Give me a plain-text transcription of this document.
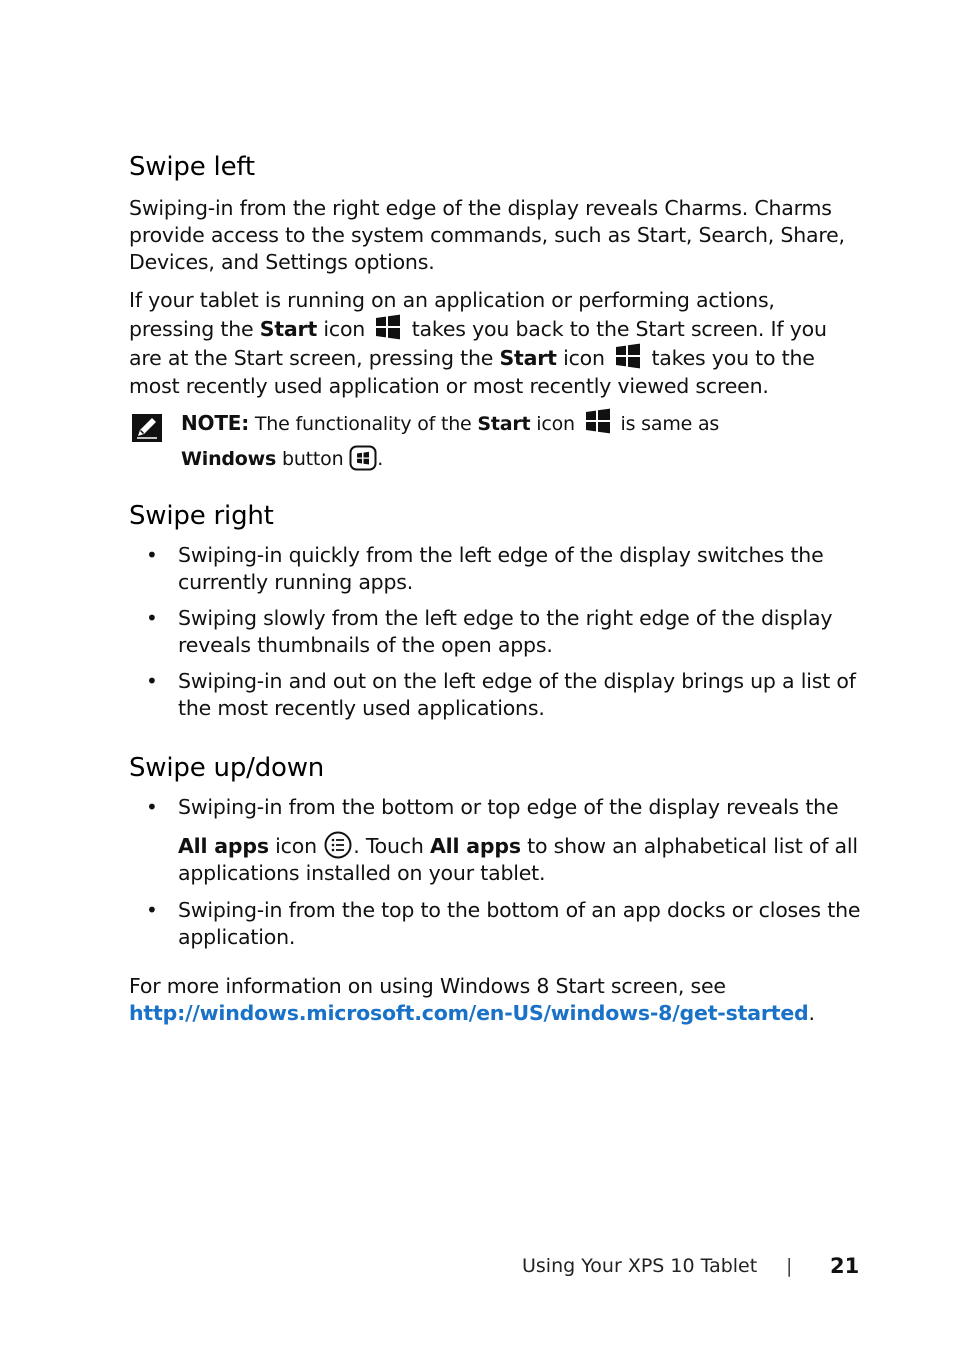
Swipe left

Swiping-in from the right edge of the display reveals Charms. Charms provide access to the system commands, such as Start, Search, Share, Devices, and Settings options.

If your tablet is running on an application or performing actions, pressing the Start icon  takes you back to the Start screen. If you are at the Start screen, pressing the Start icon  takes you to the most recently used application or most recently viewed screen.

NOTE: The functionality of the Start icon  is same as
Windows button .
Swipe right
• Swiping-in quickly from the left edge of the display switches the currently running apps.
• Swiping slowly from the left edge to the right edge of the display reveals thumbnails of the open apps.
• Swiping-in and out on the left edge of the display brings up a list of the most recently used applications.
Swipe up/down
• Swiping-in from the bottom or top edge of the display reveals the
All apps icon . Touch All apps to show an alphabetical list of all applications installed on your tablet.
• Swiping-in from the top to the bottom of an app docks or closes the application.
For more information on using Windows 8 Start screen, see
http://windows.microsoft.com/en-US/windows-8/get-started.
Using Your XPS 10 Tablet | 21
